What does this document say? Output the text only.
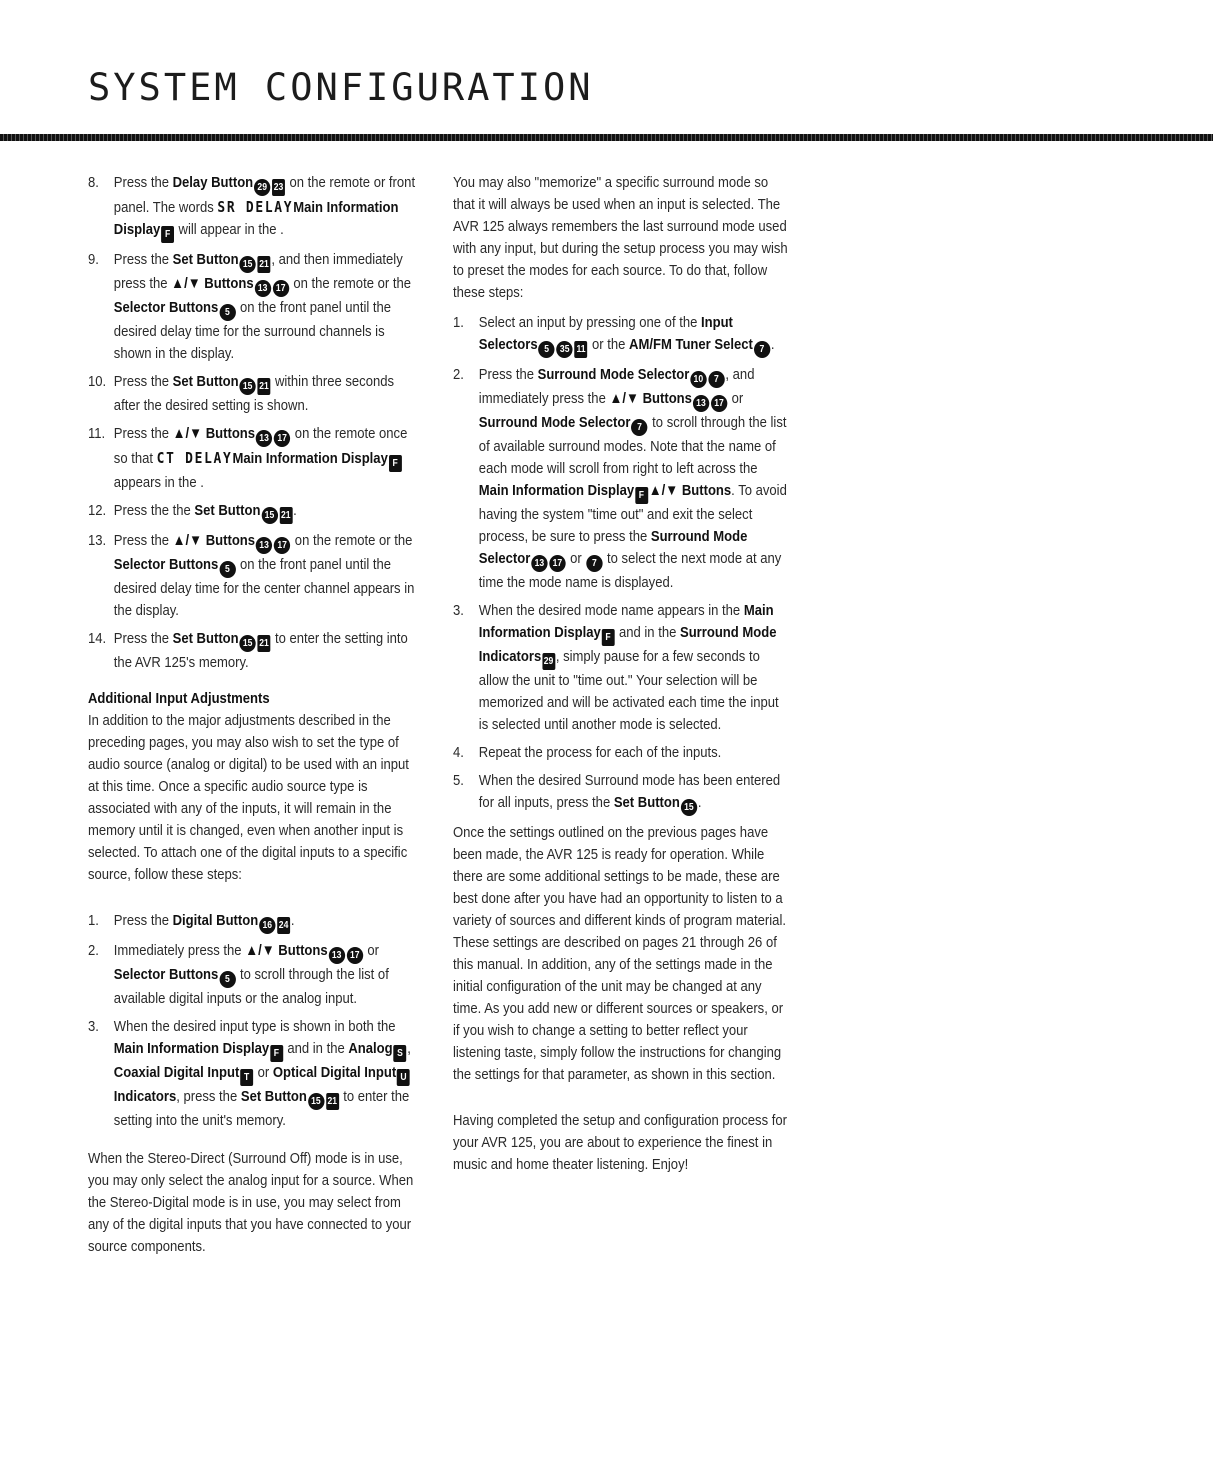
SYSTEM CONFIGURATION
8. Press the Delay Button 29 23 on the remote or front panel. The words SR DELAYMain Information Display F will appear in the .
9. Press the Set Button 15 21 , and then immediately press the ▲/▼ Buttons 13 17 on the remote or the Selector Buttons 5 on the front panel until the desired delay time for the surround channels is shown in the display.
10. Press the Set Button 15 21 within three seconds after the desired setting is shown.
11. Press the ▲/▼ Buttons 13 17 on the remote once so that CT DELAYMain Information Display F appears in the .
12. Press the the Set Button 15 21 .
13. Press the ▲/▼ Buttons 13 17 on the remote or the Selector Buttons 5 on the front panel until the desired delay time for the center channel appears in the display.
14. Press the Set Button 15 21 to enter the setting into the AVR 125's memory.
Additional Input Adjustments

In addition to the major adjustments described in the preceding pages, you may also wish to set the type of audio source (analog or digital) to be used with an input at this time. Once a specific audio source type is associated with any of the inputs, it will remain in the memory until it is changed, even when another input is selected. To attach one of the digital inputs to a specific source, follow these steps:

1. Press the Digital Button 16 24 .
2. Immediately press the ▲/▼ Buttons 13 17 or Selector Buttons 5 to scroll through the list of available digital inputs or the analog input.
3. When the desired input type is shown in both the Main Information Display F and in the Analog S , Coaxial Digital Input T or Optical Digital Input U Indicators, press the Set Button 15 21 to enter the setting into the unit's memory.

When the Stereo-Direct (Surround Off) mode is in use, you may only select the analog input for a source. When the Stereo-Digital mode is in use, you may select from any of the digital inputs that you have connected to your source components.

You may also "memorize" a specific surround mode so that it will always be used when an input is selected. The AVR 125 always remembers the last surround mode used with any input, but during the setup process you may wish to preset the modes for each source. To do that, follow these steps:

1. Select an input by pressing one of the Input Selectors 5 35 11 or the AM/FM Tuner Select 7 .
2. Press the Surround Mode Selector 10 7 , and immediately press the ▲/▼ Buttons 13 17 or Surround Mode Selector 7 to scroll through the list of available surround modes. Note that the name of each mode will scroll from right to left across the Main Information Display F ▲/▼ Buttons. To avoid having the system "time out" and exit the select process, be sure to press the Surround Mode Selector 13 17 or 7 to select the next mode at any time the mode name is displayed.
3. When the desired mode name appears in the Main Information Display F and in the Surround Mode Indicators 29 , simply pause for a few seconds to allow the unit to "time out." Your selection will be memorized and will be activated each time the input is selected until another mode is selected.
4. Repeat the process for each of the inputs.
5. When the desired Surround mode has been entered for all inputs, press the Set Button 15 .

Once the settings outlined on the previous pages have been made, the AVR 125 is ready for operation. While there are some additional settings to be made, these are best done after you have had an opportunity to listen to a variety of sources and different kinds of program material. These settings are described on pages 21 through 26 of this manual. In addition, any of the settings made in the initial configuration of the unit may be changed at any time. As you add new or different sources or speakers, or if you wish to change a setting to better reflect your listening taste, simply follow the instructions for changing the settings for that parameter, as shown in this section.

Having completed the setup and configuration process for your AVR 125, you are about to experience the finest in music and home theater listening. Enjoy!
